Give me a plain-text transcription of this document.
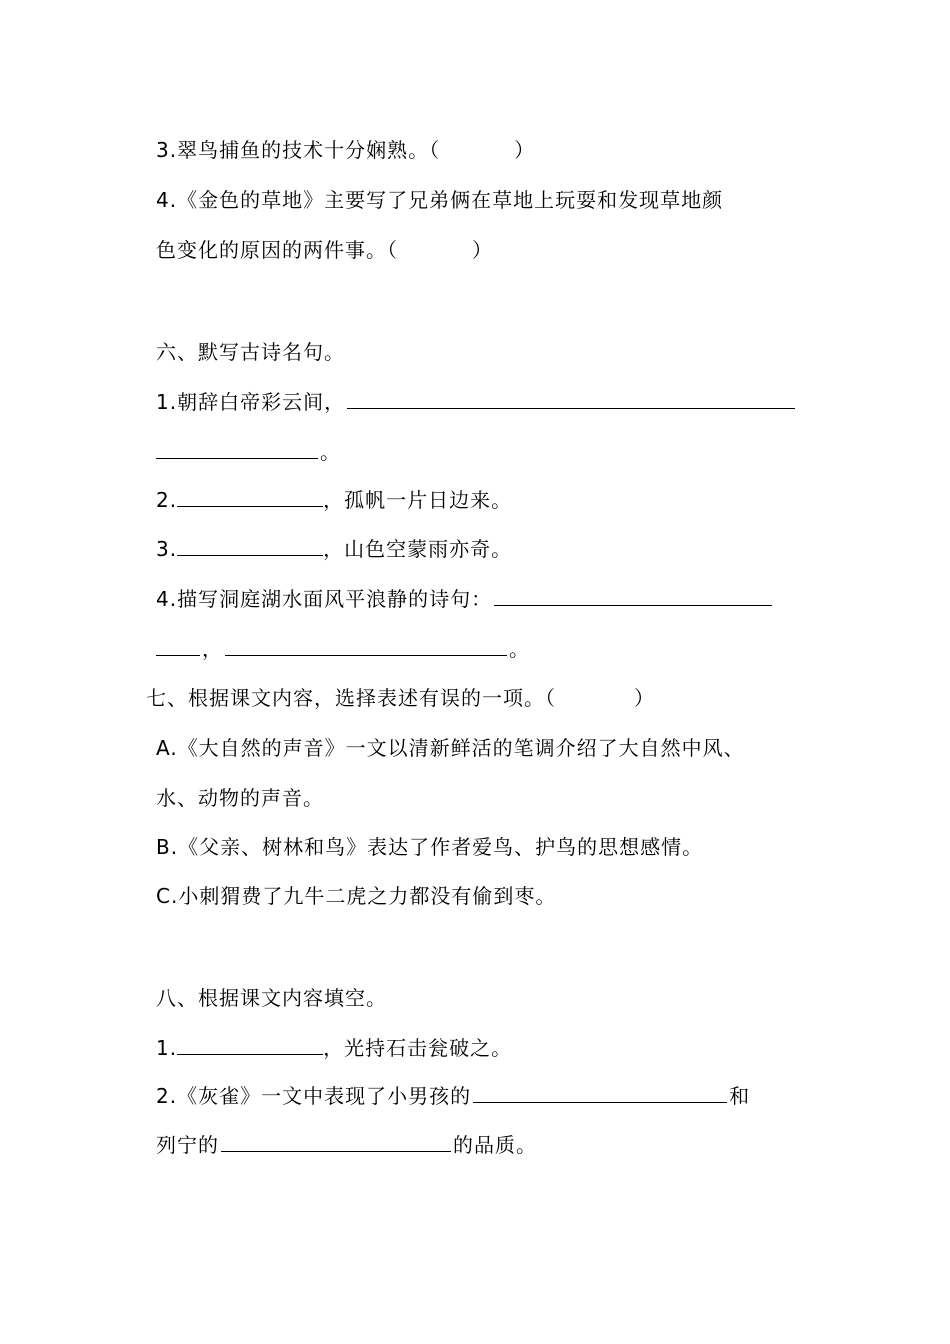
3.翠鸟捕鱼的技术十分娴熟。（	）
4.《金色的草地》主要写了兄弟俩在草地上玩耍和发现草地颜
色变化的原因的两件事。（	）
六、默写古诗名句。
1.朝辞白帝彩云间，
。
2.	，孤帆一片日边来。
3.	，山色空蒙雨亦奇。
4.描写洞庭湖水面风平浪静的诗句：
，	。
七、根据课文内容，选择表述有误的一项。（	）
A.《大自然的声音》一文以清新鲜活的笔调介绍了大自然中风、
水、动物的声音。
B.《父亲、树林和鸟》表达了作者爱鸟、护鸟的思想感情。
C.小刺猬费了九牛二虎之力都没有偷到枣。
八、根据课文内容填空。
1.	，光持石击瓮破之。
2.《灰雀》一文中表现了小男孩的	和
列宁的	的品质。
